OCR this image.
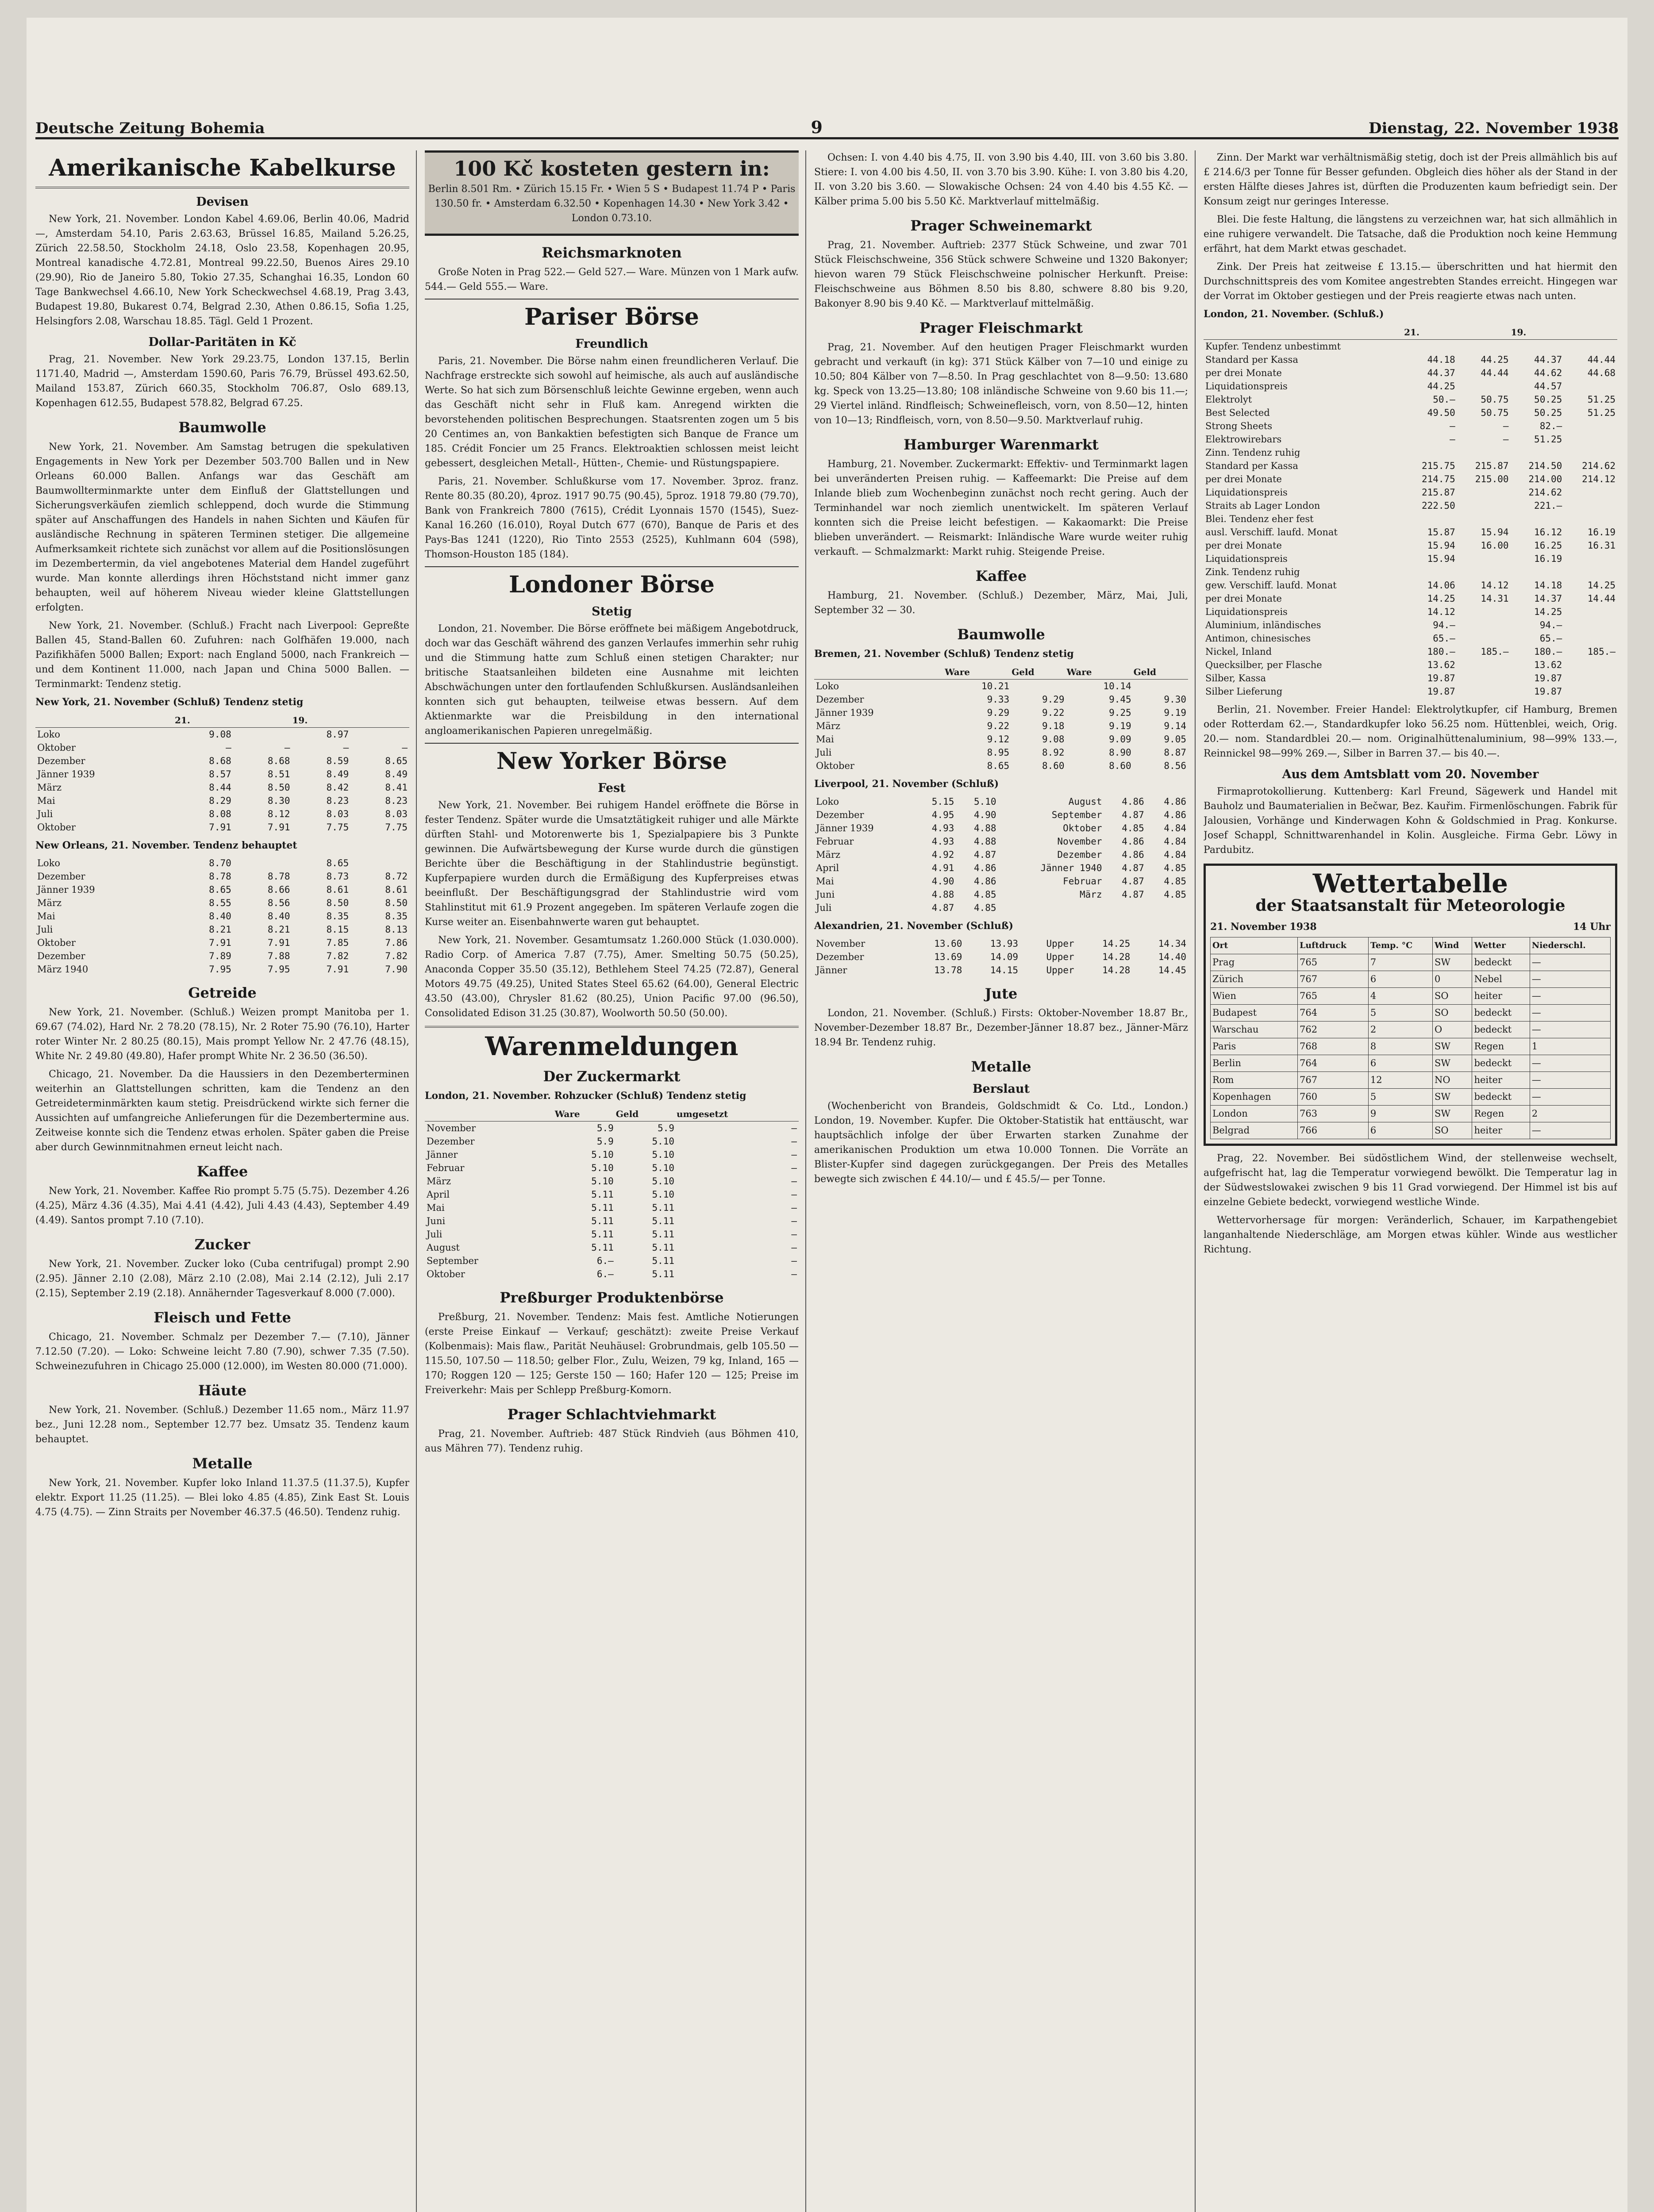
Deutsche Zeitung Bohemia	9	Dienstag, 22. November 1938
Amerikanische Kabelkurse
Devisen

New York, 21. November. London Kabel 4.69.06, Berlin 40.06, Madrid —, Amsterdam 54.10, Paris 2.63.63, Brüssel 16.85, Mailand 5.26.25, Zürich 22.58.50, Stockholm 24.18, Oslo 23.58, Kopenhagen 20.95, Montreal kanadische 4.72.81, Montreal 99.22.50, Buenos Aires 29.10 (29.90), Rio de Janeiro 5.80, Tokio 27.35, Schanghai 16.35, London 60 Tage Bankwechsel 4.66.10, New York Scheckwechsel 4.68.19, Prag 3.43, Budapest 19.80, Bukarest 0.74, Belgrad 2.30, Athen 0.86.15, Sofia 1.25, Helsingfors 2.08, Warschau 18.85. Tägl. Geld 1 Prozent.

Dollar-Paritäten in Kč

Prag, 21. November. New York 29.23.75, London 137.15, Berlin 1171.40, Madrid —, Amsterdam 1590.60, Paris 76.79, Brüssel 493.62.50, Mailand 153.87, Zürich 660.35, Stockholm 706.87, Oslo 689.13, Kopenhagen 612.55, Budapest 578.82, Belgrad 67.25.

Baumwolle

New York, 21. November. Am Samstag betrugen die spekulativen Engagements in New York per Dezember 503.700 Ballen und in New Orleans 60.000 Ballen. Anfangs war das Geschäft am Baumwollterminmarkte unter dem Einfluß der Glattstellungen und Sicherungsverkäufen ziemlich schleppend, doch wurde die Stimmung später auf Anschaffungen des Handels in nahen Sichten und Käufen für ausländische Rechnung in späteren Terminen stetiger. Die allgemeine Aufmerksamkeit richtete sich zunächst vor allem auf die Positionslösungen im Dezembertermin, da viel angebotenes Material dem Handel zugeführt wurde. Man konnte allerdings ihren Höchststand nicht immer ganz behaupten, weil auf höherem Niveau wieder kleine Glattstellungen erfolgten.

New York, 21. November. (Schluß.) Fracht nach Liverpool: Gepreßte Ballen 45, Stand-Ballen 60. Zufuhren: nach Golfhäfen 19.000, nach Pazifikhäfen 5000 Ballen; Export: nach England 5000, nach Frankreich — und dem Kontinent 11.000, nach Japan und China 5000 Ballen. — Terminmarkt: Tendenz stetig.

New York, 21. November (Schluß) Tendenz stetig

	21.		19.	
Loko	9.08		8.97	
Oktober	—	—	—	—
Dezember	8.68	8.68	8.59	8.65
Jänner 1939	8.57	8.51	8.49	8.49
März	8.44	8.50	8.42	8.41
Mai	8.29	8.30	8.23	8.23
Juli	8.08	8.12	8.03	8.03
Oktober	7.91	7.91	7.75	7.75

New Orleans, 21. November. Tendenz behauptet

Loko	8.70		8.65	
Dezember	8.78	8.78	8.73	8.72
Jänner 1939	8.65	8.66	8.61	8.61
März	8.55	8.56	8.50	8.50
Mai	8.40	8.40	8.35	8.35
Juli	8.21	8.21	8.15	8.13
Oktober	7.91	7.91	7.85	7.86
Dezember	7.89	7.88	7.82	7.82
März 1940	7.95	7.95	7.91	7.90
Getreide

New York, 21. November. (Schluß.) Weizen prompt Manitoba per 1. 69.67 (74.02), Hard Nr. 2 78.20 (78.15), Nr. 2 Roter 75.90 (76.10), Harter roter Winter Nr. 2 80.25 (80.15), Mais prompt Yellow Nr. 2 47.76 (48.15), White Nr. 2 49.80 (49.80), Hafer prompt White Nr. 2 36.50 (36.50).

Chicago, 21. November. Da die Haussiers in den Dezemberterminen weiterhin an Glattstellungen schritten, kam die Tendenz an den Getreideterminmärkten kaum stetig. Preisdrückend wirkte sich ferner die Aussichten auf umfangreiche Anlieferungen für die Dezembertermine aus. Zeitweise konnte sich die Tendenz etwas erholen. Später gaben die Preise aber durch Gewinnmitnahmen erneut leicht nach.

Kaffee

New York, 21. November. Kaffee Rio prompt 5.75 (5.75). Dezember 4.26 (4.25), März 4.36 (4.35), Mai 4.41 (4.42), Juli 4.43 (4.43), September 4.49 (4.49). Santos prompt 7.10 (7.10).

Zucker

New York, 21. November. Zucker loko (Cuba centrifugal) prompt 2.90 (2.95). Jänner 2.10 (2.08), März 2.10 (2.08), Mai 2.14 (2.12), Juli 2.17 (2.15), September 2.19 (2.18). Annähernder Tagesverkauf 8.000 (7.000).

Fleisch und Fette

Chicago, 21. November. Schmalz per Dezember 7.— (7.10), Jänner 7.12.50 (7.20). — Loko: Schweine leicht 7.80 (7.90), schwer 7.35 (7.50). Schweinezufuhren in Chicago 25.000 (12.000), im Westen 80.000 (71.000).

Häute

New York, 21. November. (Schluß.) Dezember 11.65 nom., März 11.97 bez., Juni 12.28 nom., September 12.77 bez. Umsatz 35. Tendenz kaum behauptet.

Metalle

New York, 21. November. Kupfer loko Inland 11.37.5 (11.37.5), Kupfer elektr. Export 11.25 (11.25). — Blei loko 4.85 (4.85), Zink East St. Louis 4.75 (4.75). — Zinn Straits per November 46.37.5 (46.50). Tendenz ruhig.

100 Kč kosteten gestern in:

Berlin 8.501 Rm. • Zürich 15.15 Fr. • Wien 5 S • Budapest 11.74 P • Paris 130.50 fr. • Amsterdam 6.32.50 • Kopenhagen 14.30 • New York 3.42 • London 0.73.10.

Reichsmarknoten

Große Noten in Prag 522.— Geld 527.— Ware. Münzen von 1 Mark aufw. 544.— Geld 555.— Ware.

Pariser Börse
Freundlich

Paris, 21. November. Die Börse nahm einen freundlicheren Verlauf. Die Nachfrage erstreckte sich sowohl auf heimische, als auch auf ausländische Werte. So hat sich zum Börsenschluß leichte Gewinne ergeben, wenn auch das Geschäft nicht sehr in Fluß kam. Anregend wirkten die bevorstehenden politischen Besprechungen. Staatsrenten zogen um 5 bis 20 Centimes an, von Bankaktien befestigten sich Banque de France um 185. Crédit Foncier um 25 Francs. Elektroaktien schlossen meist leicht gebessert, desgleichen Metall-, Hütten-, Chemie- und Rüstungspapiere.

Paris, 21. November. Schlußkurse vom 17. November. 3proz. franz. Rente 80.35 (80.20), 4proz. 1917 90.75 (90.45), 5proz. 1918 79.80 (79.70), Bank von Frankreich 7800 (7615), Crédit Lyonnais 1570 (1545), Suez-Kanal 16.260 (16.010), Royal Dutch 677 (670), Banque de Paris et des Pays-Bas 1241 (1220), Rio Tinto 2553 (2525), Kuhlmann 604 (598), Thomson-Houston 185 (184).

Londoner Börse
Stetig

London, 21. November. Die Börse eröffnete bei mäßigem Angebotdruck, doch war das Geschäft während des ganzen Verlaufes immerhin sehr ruhig und die Stimmung hatte zum Schluß einen stetigen Charakter; nur britische Staatsanleihen bildeten eine Ausnahme mit leichten Abschwächungen unter den fortlaufenden Schlußkursen. Ausländsanleihen konnten sich gut behaupten, teilweise etwas bessern. Auf dem Aktienmarkte war die Preisbildung in den international angloamerikanischen Papieren unregelmäßig.

New Yorker Börse
Fest

New York, 21. November. Bei ruhigem Handel eröffnete die Börse in fester Tendenz. Später wurde die Umsatztätigkeit ruhiger und alle Märkte dürften Stahl- und Motorenwerte bis 1, Spezialpapiere bis 3 Punkte gewinnen. Die Aufwärtsbewegung der Kurse wurde durch die günstigen Berichte über die Beschäftigung in der Stahlindustrie begünstigt. Kupferpapiere wurden durch die Ermäßigung des Kupferpreises etwas beeinflußt. Der Beschäftigungsgrad der Stahlindustrie wird vom Stahlinstitut mit 61.9 Prozent angegeben. Im späteren Verlaufe zogen die Kurse weiter an. Eisenbahnwerte waren gut behauptet.

New York, 21. November. Gesamtumsatz 1.260.000 Stück (1.030.000). Radio Corp. of America 7.87 (7.75), Amer. Smelting 50.75 (50.25), Anaconda Copper 35.50 (35.12), Bethlehem Steel 74.25 (72.87), General Motors 49.75 (49.25), United States Steel 65.62 (64.00), General Electric 43.50 (43.00), Chrysler 81.62 (80.25), Union Pacific 97.00 (96.50), Consolidated Edison 31.25 (30.87), Woolworth 50.50 (50.00).

Warenmeldungen
Der Zuckermarkt

London, 21. November. Rohzucker (Schluß) Tendenz stetig

	Ware	Geld	umgesetzt
November	5.9	5.9	—
Dezember	5.9	5.10	—
Jänner	5.10	5.10	—
Februar	5.10	5.10	—
März	5.10	5.10	—
April	5.11	5.10	—
Mai	5.11	5.11	—
Juni	5.11	5.11	—
Juli	5.11	5.11	—
August	5.11	5.11	—
September	6.—	5.11	—
Oktober	6.—	5.11	—
Preßburger Produktenbörse

Preßburg, 21. November. Tendenz: Mais fest. Amtliche Notierungen (erste Preise Einkauf — Verkauf; geschätzt): zweite Preise Verkauf (Kolbenmais): Mais flaw., Parität Neuhäusel: Grobrundmais, gelb 105.50 — 115.50, 107.50 — 118.50; gelber Flor., Zulu, Weizen, 79 kg, Inland, 165 — 170; Roggen 120 — 125; Gerste 150 — 160; Hafer 120 — 125; Preise im Freiverkehr: Mais per Schlepp Preßburg-Komorn.

Prager Schlachtviehmarkt

Prag, 21. November. Auftrieb: 487 Stück Rindvieh (aus Böhmen 410, aus Mähren 77). Tendenz ruhig.

Ochsen: I. von 4.40 bis 4.75, II. von 3.90 bis 4.40, III. von 3.60 bis 3.80. Stiere: I. von 4.00 bis 4.50, II. von 3.70 bis 3.90. Kühe: I. von 3.80 bis 4.20, II. von 3.20 bis 3.60. — Slowakische Ochsen: 24 von 4.40 bis 4.55 Kč. — Kälber prima 5.00 bis 5.50 Kč. Marktverlauf mittelmäßig.

Prager Schweinemarkt

Prag, 21. November. Auftrieb: 2377 Stück Schweine, und zwar 701 Stück Fleischschweine, 356 Stück schwere Schweine und 1320 Bakonyer; hievon waren 79 Stück Fleischschweine polnischer Herkunft. Preise: Fleischschweine aus Böhmen 8.50 bis 8.80, schwere 8.80 bis 9.20, Bakonyer 8.90 bis 9.40 Kč. — Marktverlauf mittelmäßig.

Prager Fleischmarkt

Prag, 21. November. Auf den heutigen Prager Fleischmarkt wurden gebracht und verkauft (in kg): 371 Stück Kälber von 7—10 und einige zu 10.50; 804 Kälber von 7—8.50. In Prag geschlachtet von 8—9.50: 13.680 kg. Speck von 13.25—13.80; 108 inländische Schweine von 9.60 bis 11.—; 29 Viertel inländ. Rindfleisch; Schweinefleisch, vorn, von 8.50—12, hinten von 10—13; Rindfleisch, vorn, von 8.50—9.50. Marktverlauf ruhig.

Hamburger Warenmarkt

Hamburg, 21. November. Zuckermarkt: Effektiv- und Terminmarkt lagen bei unveränderten Preisen ruhig. — Kaffeemarkt: Die Preise auf dem Inlande blieb zum Wochenbeginn zunächst noch recht gering. Auch der Terminhandel war noch ziemlich unentwickelt. Im späteren Verlauf konnten sich die Preise leicht befestigen. — Kakaomarkt: Die Preise blieben unverändert. — Reismarkt: Inländische Ware wurde weiter ruhig verkauft. — Schmalzmarkt: Markt ruhig. Steigende Preise.

Kaffee

Hamburg, 21. November. (Schluß.) Dezember, März, Mai, Juli, September 32 — 30.

Baumwolle

Bremen, 21. November (Schluß) Tendenz stetig

	Ware	Geld	Ware	Geld
Loko	10.21		10.14	
Dezember	9.33	9.29	9.45	9.30
Jänner 1939	9.29	9.22	9.25	9.19
März	9.22	9.18	9.19	9.14
Mai	9.12	9.08	9.09	9.05
Juli	8.95	8.92	8.90	8.87
Oktober	8.65	8.60	8.60	8.56

Liverpool, 21. November (Schluß)

Loko	5.15	5.10	August	4.86	4.86
Dezember	4.95	4.90	September	4.87	4.86
Jänner 1939	4.93	4.88	Oktober	4.85	4.84
Februar	4.93	4.88	November	4.86	4.84
März	4.92	4.87	Dezember	4.86	4.84
April	4.91	4.86	Jänner 1940	4.87	4.85
Mai	4.90	4.86	Februar	4.87	4.85
Juni	4.88	4.85	März	4.87	4.85
Juli	4.87	4.85			

Alexandrien, 21. November (Schluß)

November	13.60	13.93	Upper	14.25	14.34
Dezember	13.69	14.09	Upper	14.28	14.40
Jänner	13.78	14.15	Upper	14.28	14.45
Jute

London, 21. November. (Schluß.) Firsts: Oktober-November 18.87 Br., November-Dezember 18.87 Br., Dezember-Jänner 18.87 bez., Jänner-März 18.94 Br. Tendenz ruhig.

Metalle
Berslaut

(Wochenbericht von Brandeis, Goldschmidt & Co. Ltd., London.) London, 19. November. Kupfer. Die Oktober-Statistik hat enttäuscht, war hauptsächlich infolge der über Erwarten starken Zunahme der amerikanischen Produktion um etwa 10.000 Tonnen. Die Vorräte an Blister-Kupfer sind dagegen zurückgegangen. Der Preis des Metalles bewegte sich zwischen £ 44.10/— und £ 45.5/— per Tonne.

Zinn. Der Markt war verhältnismäßig stetig, doch ist der Preis allmählich bis auf £ 214.6/3 per Tonne für Besser gefunden. Obgleich dies höher als der Stand in der ersten Hälfte dieses Jahres ist, dürften die Produzenten kaum befriedigt sein. Der Konsum zeigt nur geringes Interesse.

Blei. Die feste Haltung, die längstens zu verzeichnen war, hat sich allmählich in eine ruhigere verwandelt. Die Tatsache, daß die Produktion noch keine Hemmung erfährt, hat dem Markt etwas geschadet.

Zink. Der Preis hat zeitweise £ 13.15.— überschritten und hat hiermit den Durchschnittspreis des vom Komitee angestrebten Standes erreicht. Hingegen war der Vorrat im Oktober gestiegen und der Preis reagierte etwas nach unten.

London, 21. November. (Schluß.)

	21.		19.	
Kupfer. Tendenz unbestimmt				
Standard per Kassa	44.18	44.25	44.37	44.44
per drei Monate	44.37	44.44	44.62	44.68
Liquidationspreis	44.25		44.57	
Elektrolyt	50.—	50.75	50.25	51.25
Best Selected	49.50	50.75	50.25	51.25
Strong Sheets	—	—	82.—	
Elektrowirebars	—	—	51.25	
Zinn. Tendenz ruhig				
Standard per Kassa	215.75	215.87	214.50	214.62
per drei Monate	214.75	215.00	214.00	214.12
Liquidationspreis	215.87		214.62	
Straits ab Lager London	222.50		221.—	
Blei. Tendenz eher fest				
ausl. Verschiff. laufd. Monat	15.87	15.94	16.12	16.19
per drei Monate	15.94	16.00	16.25	16.31
Liquidationspreis	15.94		16.19	
Zink. Tendenz ruhig				
gew. Verschiff. laufd. Monat	14.06	14.12	14.18	14.25
per drei Monate	14.25	14.31	14.37	14.44
Liquidationspreis	14.12		14.25	
Aluminium, inländisches	94.—		94.—	
Antimon, chinesisches	65.—		65.—	
Nickel, Inland	180.—	185.—	180.—	185.—
Quecksilber, per Flasche	13.62		13.62	
Silber, Kassa	19.87		19.87	
Silber Lieferung	19.87		19.87	

Berlin, 21. November. Freier Handel: Elektrolytkupfer, cif Hamburg, Bremen oder Rotterdam 62.—, Standardkupfer loko 56.25 nom. Hüttenblei, weich, Orig. 20.— nom. Standardblei 20.— nom. Originalhüttenaluminium, 98—99% 133.—, Reinnickel 98—99% 269.—, Silber in Barren 37.— bis 40.—.

Aus dem Amtsblatt vom 20. November

Firmaprotokollierung. Kuttenberg: Karl Freund, Sägewerk und Handel mit Bauholz und Baumaterialien in Bečwar, Bez. Kauřim. Firmenlöschungen. Fabrik für Jalousien, Vorhänge und Kinderwagen Kohn & Goldschmied in Prag. Konkurse. Josef Schappl, Schnittwarenhandel in Kolin. Ausgleiche. Firma Gebr. Löwy in Pardubitz.

Wettertabelle
der Staatsanstalt für Meteorologie
21. November 1938	14 Uhr
Ort	Luftdruck	Temp. °C	Wind	Wetter	Niederschl.
Prag	765	7	SW	bedeckt	—
Zürich	767	6	0	Nebel	—
Wien	765	4	SO	heiter	—
Budapest	764	5	SO	bedeckt	—
Warschau	762	2	O	bedeckt	—
Paris	768	8	SW	Regen	1
Berlin	764	6	SW	bedeckt	—
Rom	767	12	NO	heiter	—
Kopenhagen	760	5	SW	bedeckt	—
London	763	9	SW	Regen	2
Belgrad	766	6	SO	heiter	—

Prag, 22. November. Bei südöstlichem Wind, der stellenweise wechselt, aufgefrischt hat, lag die Temperatur vorwiegend bewölkt. Die Temperatur lag in der Südwestslowakei zwischen 9 bis 11 Grad vorwiegend. Der Himmel ist bis auf einzelne Gebiete bedeckt, vorwiegend westliche Winde.

Wettervorhersage für morgen: Veränderlich, Schauer, im Karpathengebiet langanhaltende Niederschläge, am Morgen etwas kühler. Winde aus westlicher Richtung.
